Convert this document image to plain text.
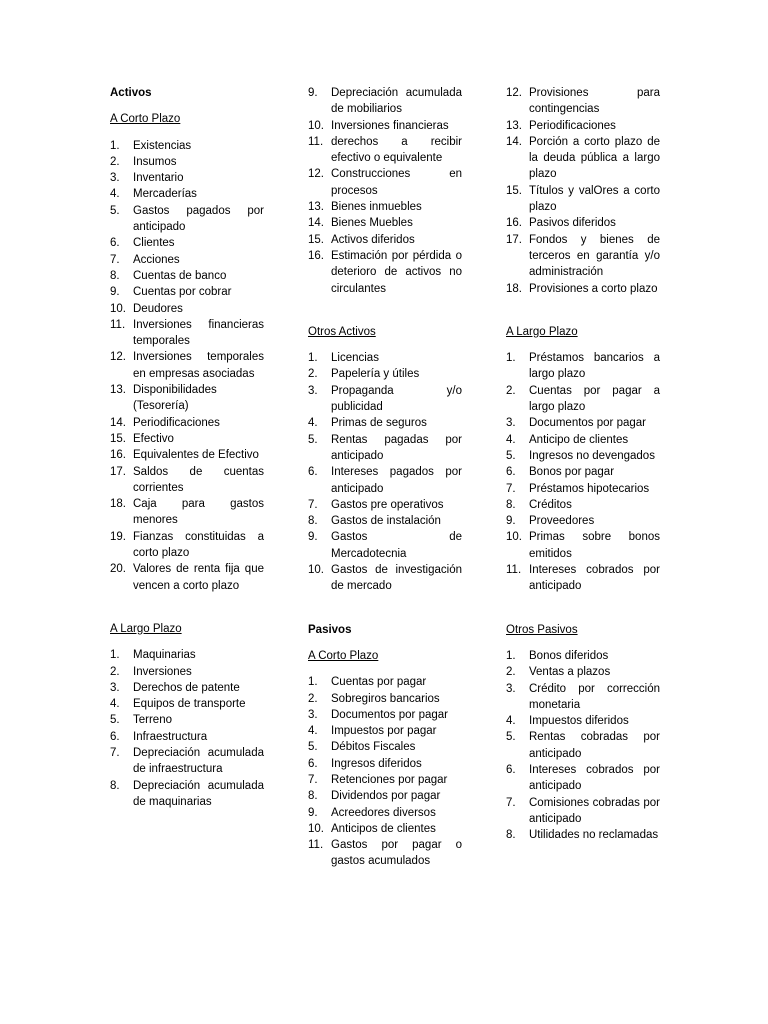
Activos
A Corto Plazo
1. Existencias
2. Insumos
3. Inventario
4. Mercaderías
5. Gastos pagados por anticipado
6. Clientes
7. Acciones
8. Cuentas de banco
9. Cuentas por cobrar
10. Deudores
11. Inversiones financieras temporales
12. Inversiones temporales en empresas asociadas
13. Disponibilidades (Tesorería)
14. Periodificaciones
15. Efectivo
16. Equivalentes de Efectivo
17. Saldos de cuentas corrientes
18. Caja para gastos menores
19. Fianzas constituidas a corto plazo
20. Valores de renta fija que vencen a corto plazo
A Largo Plazo
1. Maquinarias
2. Inversiones
3. Derechos de patente
4. Equipos de transporte
5. Terreno
6. Infraestructura
7. Depreciación acumulada de infraestructura
8. Depreciación acumulada de maquinarias
9. Depreciación acumulada de mobiliarios
10. Inversiones financieras
11. derechos a recibir efectivo o equivalente
12. Construcciones en procesos
13. Bienes inmuebles
14. Bienes Muebles
15. Activos diferidos
16. Estimación por pérdida o deterioro de activos no circulantes
Otros Activos
1. Licencias
2. Papelería y útiles
3. Propaganda y/o publicidad
4. Primas de seguros
5. Rentas pagadas por anticipado
6. Intereses pagados por anticipado
7. Gastos pre operativos
8. Gastos de instalación
9. Gastos de Mercadotecnia
10. Gastos de investigación de mercado
Pasivos
A Corto Plazo
1. Cuentas por pagar
2. Sobregiros bancarios
3. Documentos por pagar
4. Impuestos por pagar
5. Débitos Fiscales
6. Ingresos diferidos
7. Retenciones por pagar
8. Dividendos por pagar
9. Acreedores diversos
10. Anticipos de clientes
11. Gastos por pagar o gastos acumulados
12. Provisiones para contingencias
13. Periodificaciones
14. Porción a corto plazo de la deuda pública a largo plazo
15. Títulos y valOres a corto plazo
16. Pasivos diferidos
17. Fondos y bienes de terceros en garantía y/o administración
18. Provisiones a corto plazo
A Largo Plazo
1. Préstamos bancarios a largo plazo
2. Cuentas por pagar a largo plazo
3. Documentos por pagar
4. Anticipo de clientes
5. Ingresos no devengados
6. Bonos por pagar
7. Préstamos hipotecarios
8. Créditos
9. Proveedores
10. Primas sobre bonos emitidos
11. Intereses cobrados por anticipado
Otros Pasivos
1. Bonos diferidos
2. Ventas a plazos
3. Crédito por corrección monetaria
4. Impuestos diferidos
5. Rentas cobradas por anticipado
6. Intereses cobrados por anticipado
7. Comisiones cobradas por anticipado
8. Utilidades no reclamadas
